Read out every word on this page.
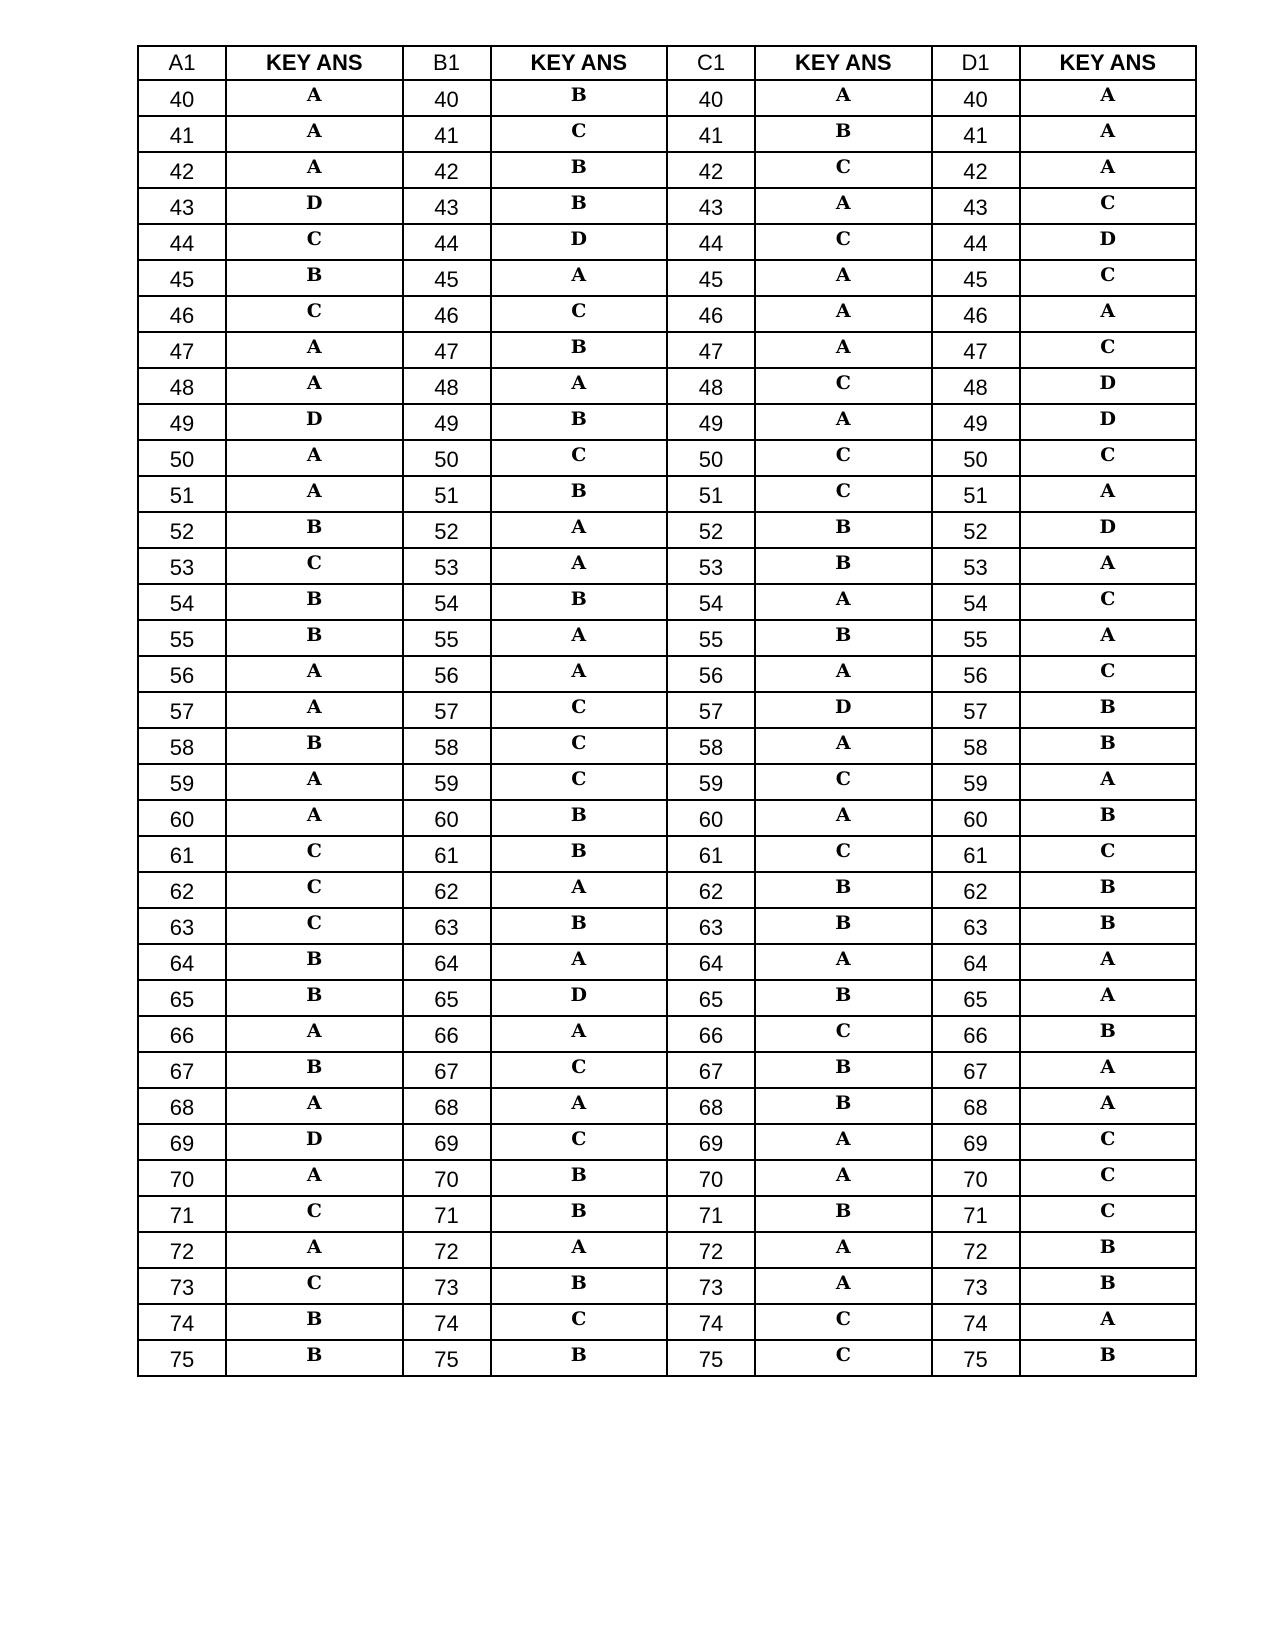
A1	KEY ANS	B1	KEY ANS	C1	KEY ANS	D1	KEY ANS
40	A	40	B	40	A	40	A
41	A	41	C	41	B	41	A
42	A	42	B	42	C	42	A
43	D	43	B	43	A	43	C
44	C	44	D	44	C	44	D
45	B	45	A	45	A	45	C
46	C	46	C	46	A	46	A
47	A	47	B	47	A	47	C
48	A	48	A	48	C	48	D
49	D	49	B	49	A	49	D
50	A	50	C	50	C	50	C
51	A	51	B	51	C	51	A
52	B	52	A	52	B	52	D
53	C	53	A	53	B	53	A
54	B	54	B	54	A	54	C
55	B	55	A	55	B	55	A
56	A	56	A	56	A	56	C
57	A	57	C	57	D	57	B
58	B	58	C	58	A	58	B
59	A	59	C	59	C	59	A
60	A	60	B	60	A	60	B
61	C	61	B	61	C	61	C
62	C	62	A	62	B	62	B
63	C	63	B	63	B	63	B
64	B	64	A	64	A	64	A
65	B	65	D	65	B	65	A
66	A	66	A	66	C	66	B
67	B	67	C	67	B	67	A
68	A	68	A	68	B	68	A
69	D	69	C	69	A	69	C
70	A	70	B	70	A	70	C
71	C	71	B	71	B	71	C
72	A	72	A	72	A	72	B
73	C	73	B	73	A	73	B
74	B	74	C	74	C	74	A
75	B	75	B	75	C	75	B
